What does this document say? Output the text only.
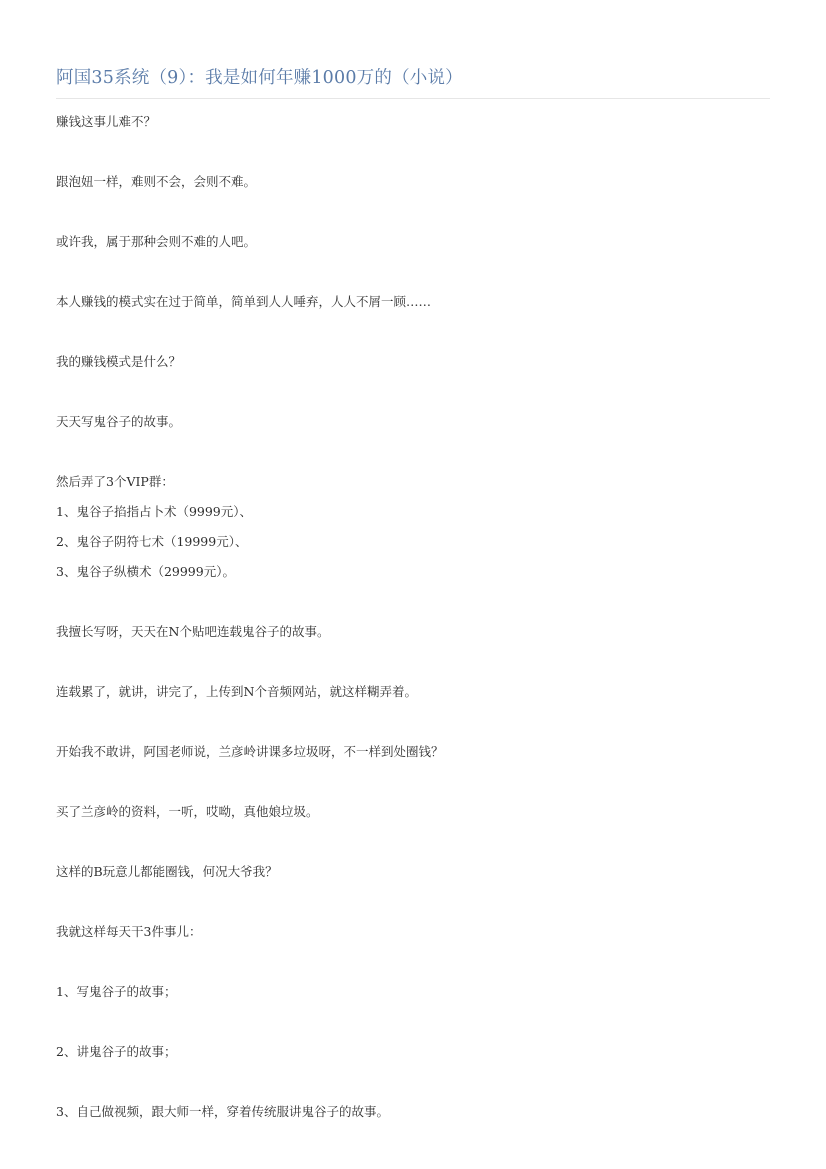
阿国35系统（9）：我是如何年赚1000万的（小说）
赚钱这事儿难不？
跟泡妞一样，难则不会，会则不难。
或许我，属于那种会则不难的人吧。
本人赚钱的模式实在过于简单，简单到人人唾弃，人人不屑一顾……
我的赚钱模式是什么？
天天写鬼谷子的故事。
然后弄了3个VIP群：
1、鬼谷子掐指占卜术（9999元）、
2、鬼谷子阴符七术（19999元）、
3、鬼谷子纵横术（29999元）。
我擅长写呀，天天在N个贴吧连载鬼谷子的故事。
连载累了，就讲，讲完了，上传到N个音频网站，就这样糊弄着。
开始我不敢讲，阿国老师说，兰彦岭讲课多垃圾呀，不一样到处圈钱？
买了兰彦岭的资料，一听，哎呦，真他娘垃圾。
这样的B玩意儿都能圈钱，何况大爷我？
我就这样每天干3件事儿：
1、写鬼谷子的故事；
2、讲鬼谷子的故事；
3、自己做视频，跟大师一样，穿着传统服讲鬼谷子的故事。
